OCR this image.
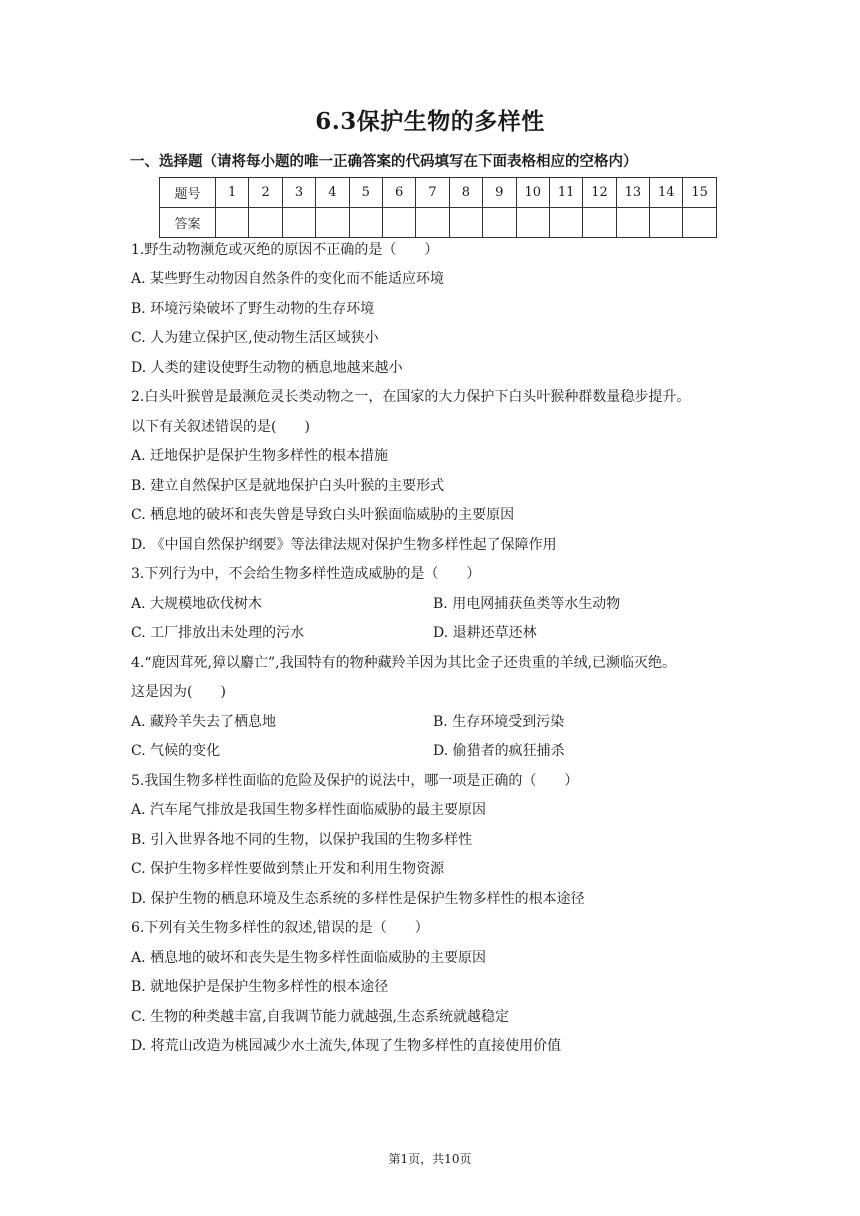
6.3保护生物的多样性
一、选择题（请将每小题的唯一正确答案的代码填写在下面表格相应的空格内）
题号	1	2	3	4	5	6	7	8	9	10	11	12	13	14	15
答案															
1.野生动物濒危或灭绝的原因不正确的是（　　）
A. 某些野生动物因自然条件的变化而不能适应环境
B. 环境污染破坏了野生动物的生存环境
C. 人为建立保护区,使动物生活区域狭小
D. 人类的建设使野生动物的栖息地越来越小
2.白头叶猴曾是最濒危灵长类动物之一，在国家的大力保护下白头叶猴种群数量稳步提升。
以下有关叙述错误的是(　　)
A. 迁地保护是保护生物多样性的根本措施
B. 建立自然保护区是就地保护白头叶猴的主要形式
C. 栖息地的破坏和丧失曾是导致白头叶猴面临威胁的主要原因
D. 《中国自然保护纲要》等法律法规对保护生物多样性起了保障作用
3.下列行为中，不会给生物多样性造成威胁的是（　　）
A. 大规模地砍伐树木	B. 用电网捕获鱼类等水生动物
C. 工厂排放出未处理的污水	D. 退耕还草还林
4.“鹿因茸死,獐以麝亡”,我国特有的物种藏羚羊因为其比金子还贵重的羊绒,已濒临灭绝。
这是因为(　　)
A. 藏羚羊失去了栖息地	B. 生存环境受到污染
C. 气候的变化	D. 偷猎者的疯狂捕杀
5.我国生物多样性面临的危险及保护的说法中，哪一项是正确的（　　）
A. 汽车尾气排放是我国生物多样性面临威胁的最主要原因
B. 引入世界各地不同的生物，以保护我国的生物多样性
C. 保护生物多样性要做到禁止开发和利用生物资源
D. 保护生物的栖息环境及生态系统的多样性是保护生物多样性的根本途径
6.下列有关生物多样性的叙述,错误的是（　　）
A. 栖息地的破坏和丧失是生物多样性面临威胁的主要原因
B. 就地保护是保护生物多样性的根本途径
C. 生物的种类越丰富,自我调节能力就越强,生态系统就越稳定
D. 将荒山改造为桃园减少水土流失,体现了生物多样性的直接使用价值
第1页，共10页
